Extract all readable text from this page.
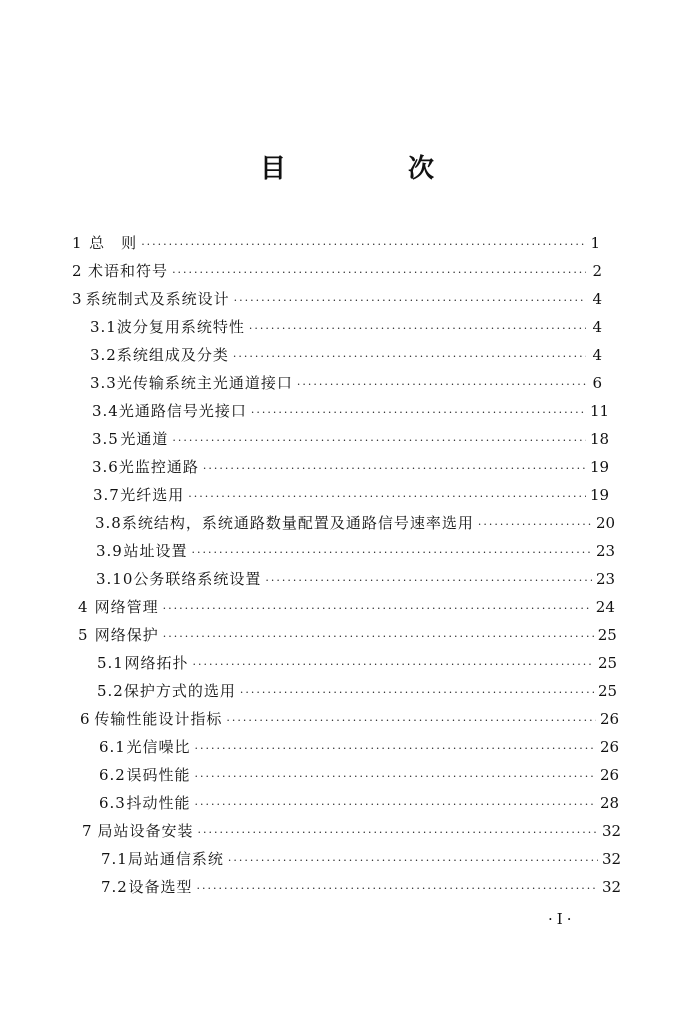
目　次
1 总　则 ·····	1
2 术语和符号 ·····	2
3 系统制式及系统设计 ·····	4
3.1 波分复用系统特性 ·····	4
3.2 系统组成及分类 ·····	4
3.3 光传输系统主光通道接口 ·····	6
3.4 光通路信号光接口 ·····	11
3.5 光通道 ·····	18
3.6 光监控通路 ·····	19
3.7 光纤选用 ·····	19
3.8 系统结构，系统通路数量配置及通路信号速率选用 ·····	20
3.9 站址设置 ·····	23
3.10 公务联络系统设置 ·····	23
4 网络管理 ·····	24
5 网络保护 ·····	25
5.1 网络拓扑 ·····	25
5.2 保护方式的选用 ·····	25
6 传输性能设计指标 ·····	26
6.1 光信噪比 ·····	26
6.2 误码性能 ·····	26
6.3 抖动性能 ·····	28
7 局站设备安装 ·····	32
7.1 局站通信系统 ·····	32
7.2 设备选型 ·····	32
·I·
